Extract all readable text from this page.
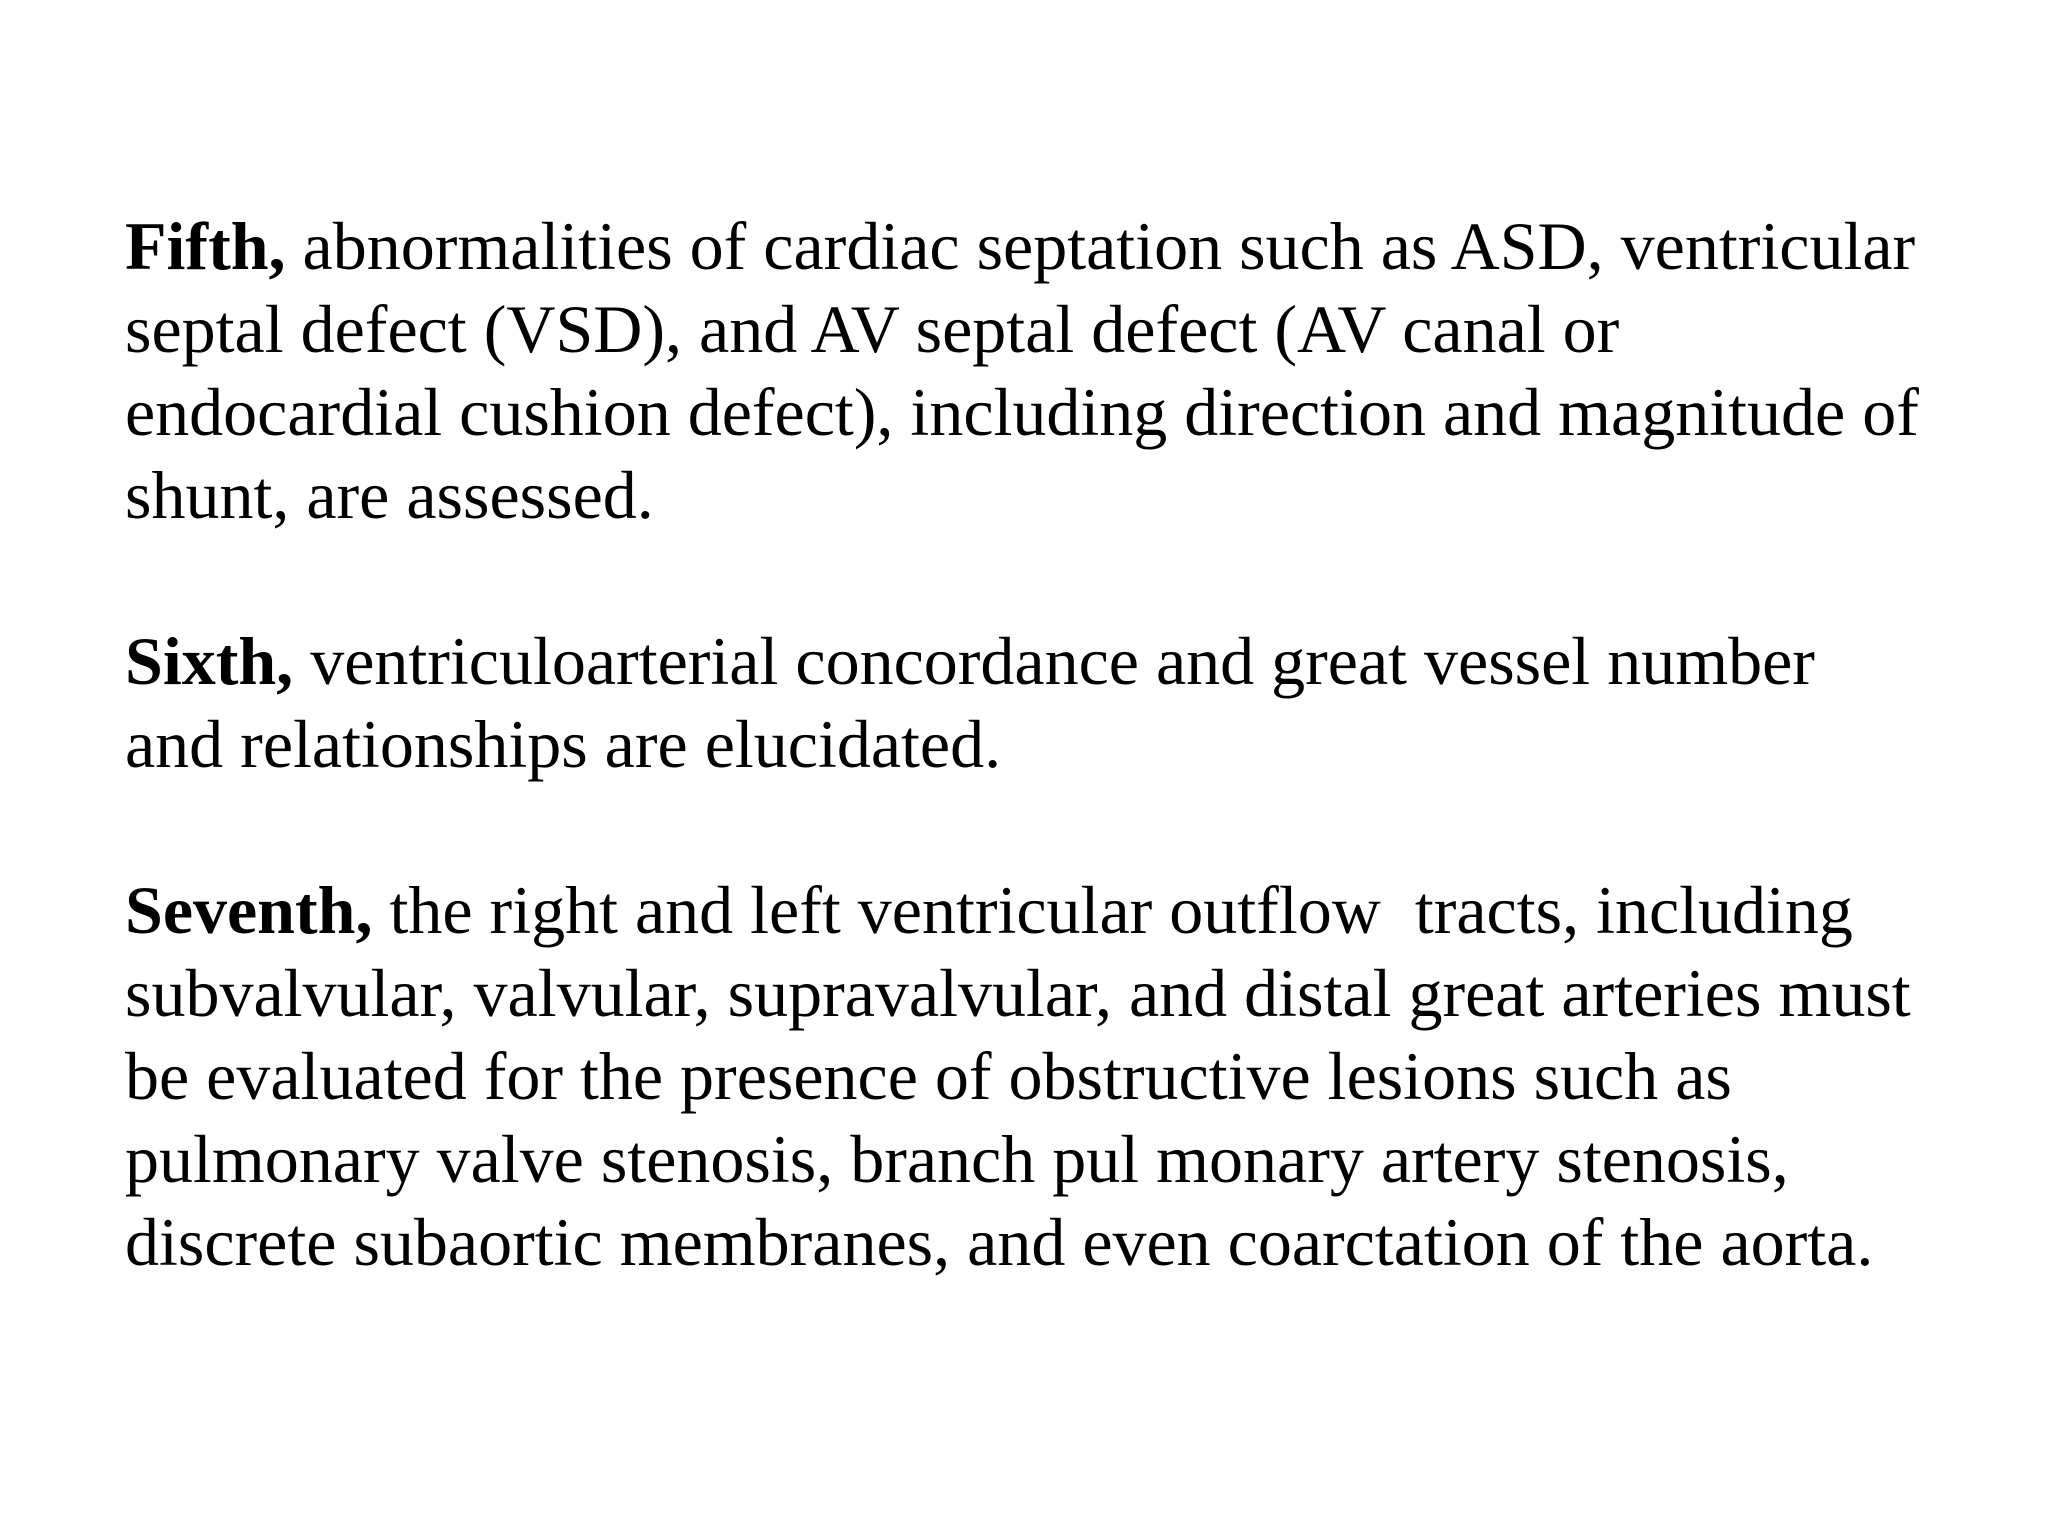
Fifth, abnormalities of cardiac septation such as ASD, ventricular
septal defect (VSD), and AV septal defect (AV canal or
endocardial cushion defect), including direction and magnitude of
shunt, are assessed.

Sixth, ventriculoarterial concordance and great vessel number
and relationships are elucidated.

Seventh, the right and left ventricular outflow  tracts, including
subvalvular, valvular, supravalvular, and distal great arteries must
be evaluated for the presence of obstructive lesions such as
pulmonary valve stenosis, branch pul monary artery stenosis,
discrete subaortic membranes, and even coarctation of the aorta.
